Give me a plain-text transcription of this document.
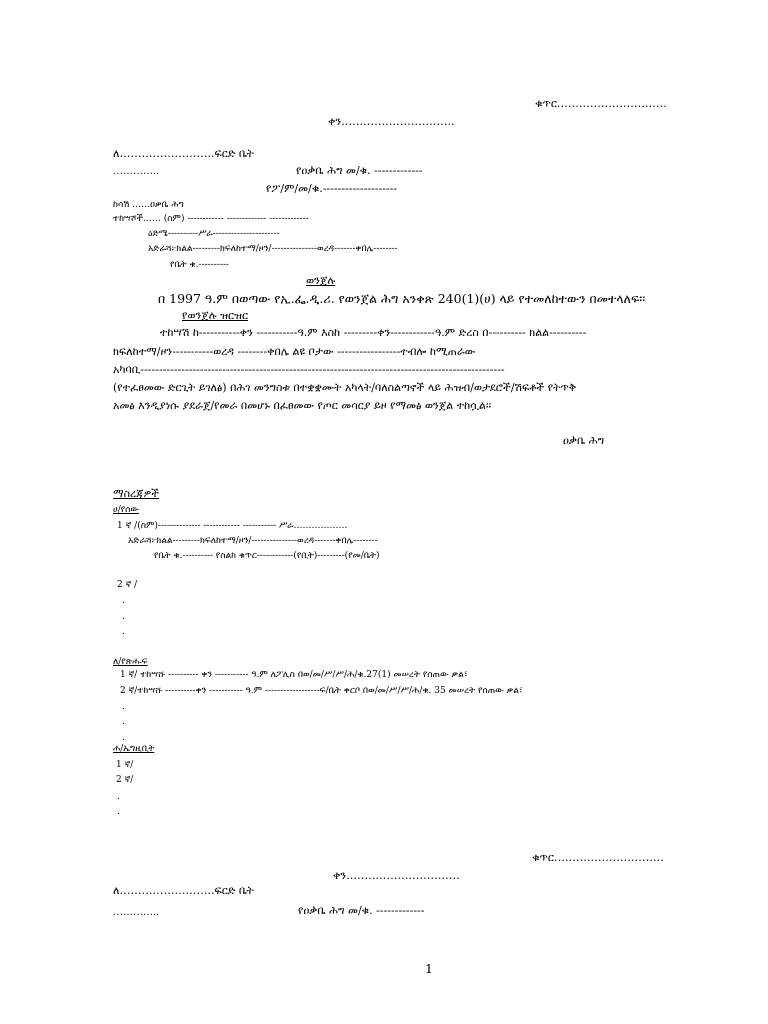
ቁጥር…………………………

ቀን………………………….

ለ……………………..ፍርድ ቤት

…………..	የዐቃቤ ሕግ መ/ቁ. -------------

የፖ/ም/መ/ቁ.--------------------

ከሳሽ ……ዐቃቤ ሕግ

ተከሣሾች…… (ስም) ------------ ------------- -------------

ዕድሜ----------ሥራ----------------------

አድራሻ፦ክልል---------ክፍለከተማ/ዞን/---------------ወረዳ-------ቀበሌ--------

የቤት ቁ.----------

ወንጀሉ

በ 1997 ዓ.ም በወጣው የኢ.ፌ.ዲ.ሪ. የወንጀል ሕግ አንቀጽ 240(1)(ሀ) ላይ የተመለከተውን በመተላለፍ፡፡

የወንጀሉ ዝርዝር

ተከሣሽ ከ-----------ቀን -----------ዓ.ም እስከ ---------ቀን------------ዓ.ም ድረስ በ---------- ክልል----------

ክፍለከተማ/ዞን-----------ወረዳ --------ቀበሌ ልዩ ቦታው -----------------ተብሎ ከሚጠራው

አካባቢ--------------------------------------------------------------------------------------------------

(የተፈፀመው ድርጊት ይገለፅ) በሕገ መንግስቱ በተቋቋሙት አካላት/ባለስልጣኖች ላይ ሕዝብ/ወታደሮች/ሽፍቶች የትጥቅ

አመፅ እንዲያነሱ ያደራጀ/የመራ በመሆኑ በፈፀመው የጦር መሳርያ ይዞ የማመፅ ወንጀል ተከሷል፡፡

ዐቃቤ ሕግ

ማስረጃዎች

ሀ/የሰው

1 ኛ /(ስም)-------------- ------------ ----------- ሥራ………………

አድራሻ፦ክልል---------ክፍለከተማ/ዞን/---------------ወረዳ-------ቀበሌ--------

የቤት ቁ.---------- የስልክ ቁጥር------------(የቢት)---------(የመ/ቤት)

2 ኛ /

.

.

.

ለ/የጽሑፍ

1 ኛ/ ተከሣሹ ---------- ቀን ----------- ዓ.ም ለፖሊስ በወ/መ/ሥ/ሥ/ሕ/ቁ.27(1) መሠረት የሰጠው ቃል፣

2 ኛ/ተከሣሹ ----------ቀን ----------- ዓ.ም ------------------ፍ/ቤት ቀርቦ በወ/መ/ሥ/ሥ/ሕ/ቁ. 35 መሠረት የሰጠው ቃል፣

.

.

.

ሐ/ኤግዚቢት

1 ኛ/

2 ኛ/

.

.

ቁጥር…………………………

ቀን………………………….

ለ……………………..ፍርድ ቤት

…………..	የዐቃቤ ሕግ መ/ቁ. -------------

1
